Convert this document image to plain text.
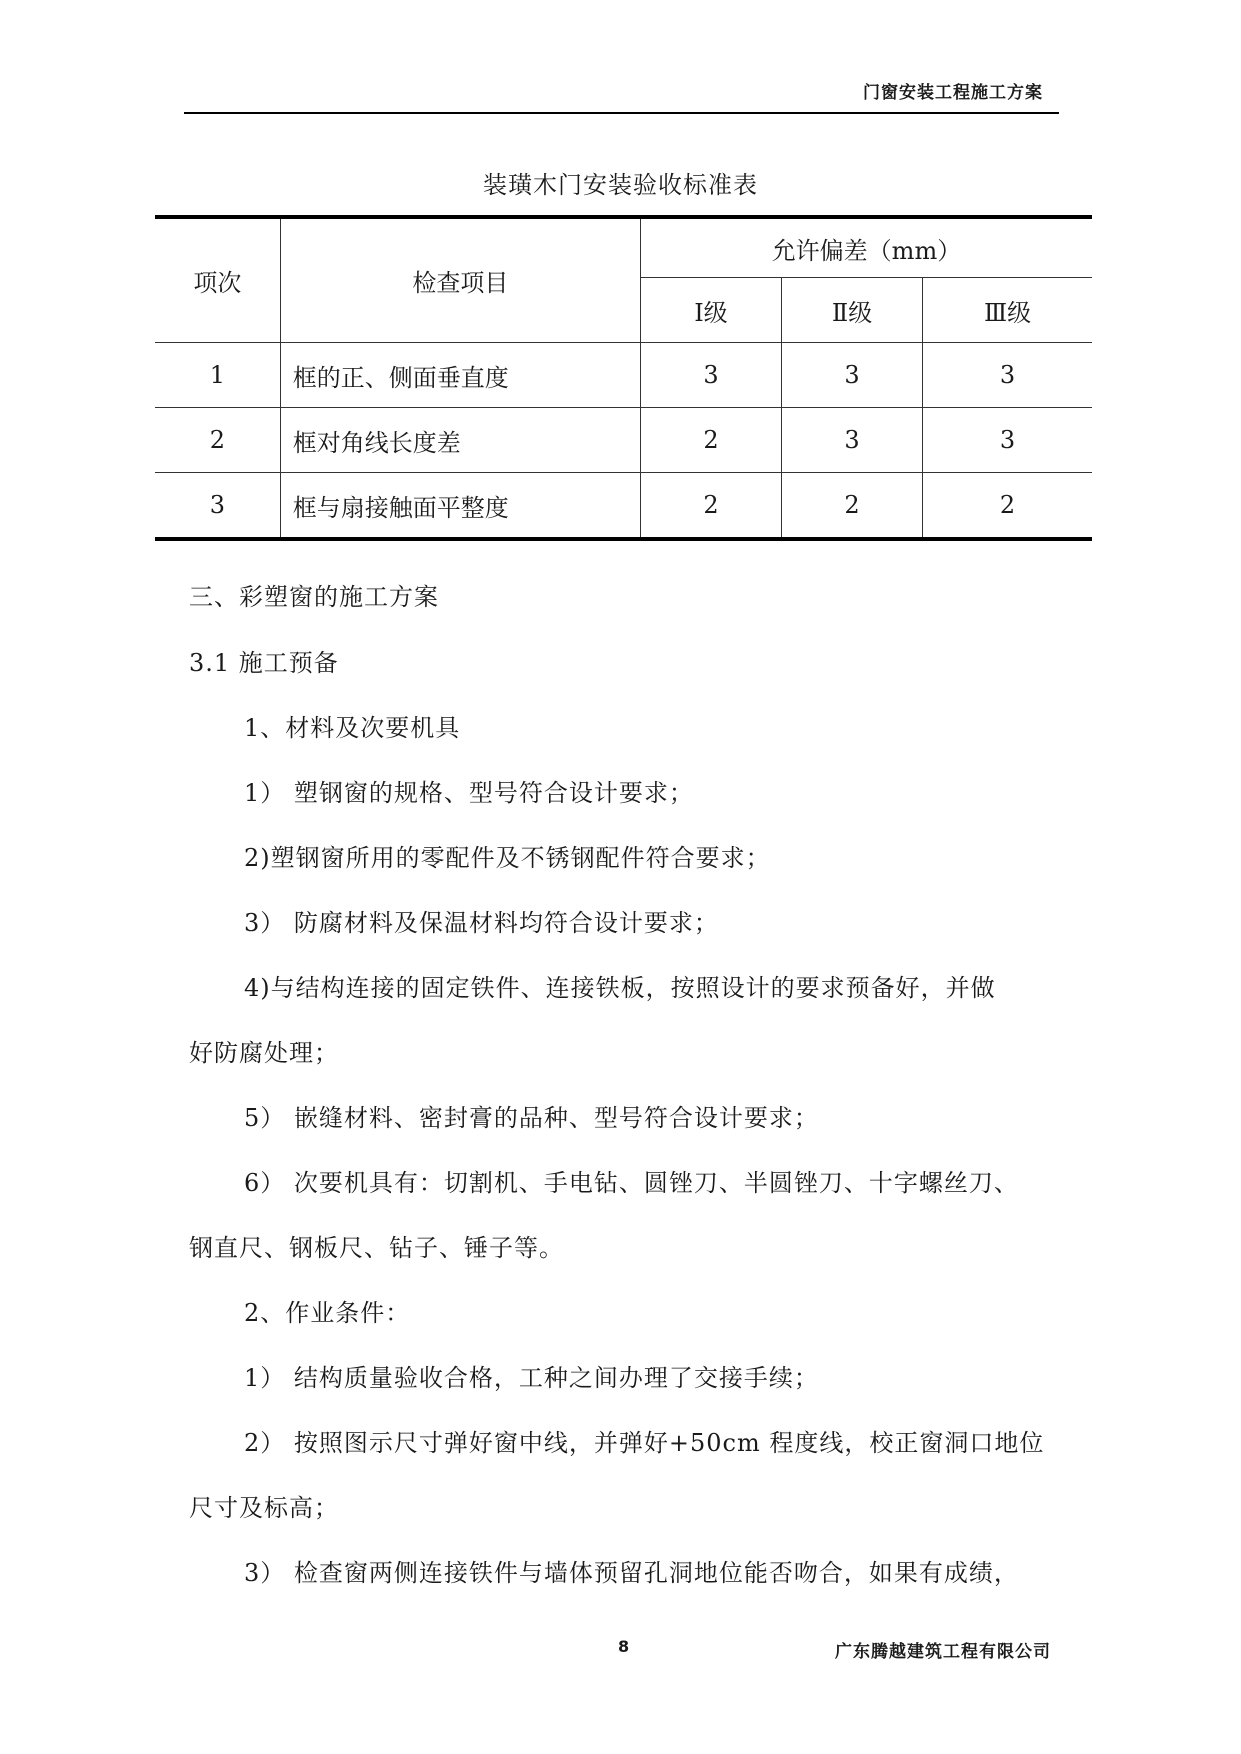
门窗安装工程施工方案
装璜木门安装验收标准表
项次	检查项目	允许偏差（mm）		
		Ⅰ级	Ⅱ级	Ⅲ级
1	框的正、侧面垂直度	3	3	3
2	框对角线长度差	2	3	3
3	框与扇接触面平整度	2	2	2
三、彩塑窗的施工方案
3.1 施工预备
1、材料及次要机具
1） 塑钢窗的规格、型号符合设计要求；
2)塑钢窗所用的零配件及不锈钢配件符合要求；
3） 防腐材料及保温材料均符合设计要求；
4)与结构连接的固定铁件、连接铁板，按照设计的要求预备好，并做
好防腐处理；
5） 嵌缝材料、密封膏的品种、型号符合设计要求；
6） 次要机具有：切割机、手电钻、圆锉刀、半圆锉刀、十字螺丝刀、
钢直尺、钢板尺、钻子、锤子等。
2、作业条件：
1） 结构质量验收合格，工种之间办理了交接手续；
2） 按照图示尺寸弹好窗中线，并弹好+50cm 程度线，校正窗洞口地位
尺寸及标高；
3） 检查窗两侧连接铁件与墙体预留孔洞地位能否吻合，如果有成绩，
8	广东腾越建筑工程有限公司
